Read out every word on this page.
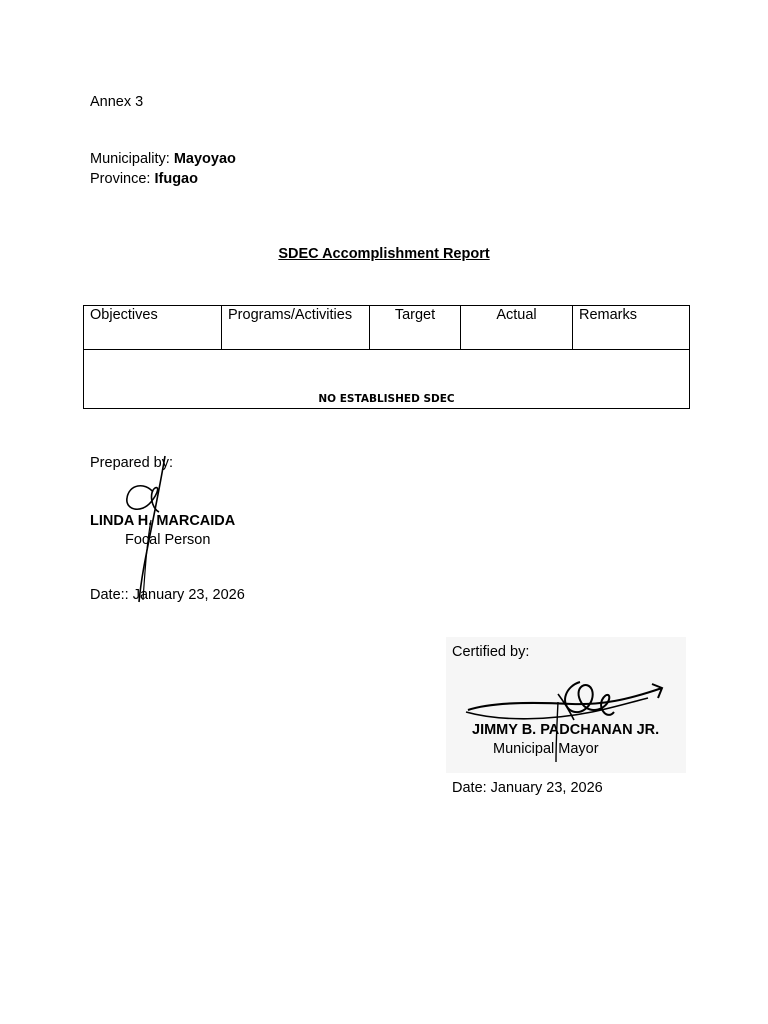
Annex 3
Municipality: Mayoyao
Province: Ifugao
SDEC Accomplishment Report
Objectives	Programs/Activities	Target	Actual	Remarks
NO ESTABLISHED SDEC
Prepared by:
LINDA H. MARCAIDA
Focal Person
Date:: January 23, 2026
Certified by:
JIMMY B. PADCHANAN JR.
Municipal Mayor
Date: January 23, 2026
